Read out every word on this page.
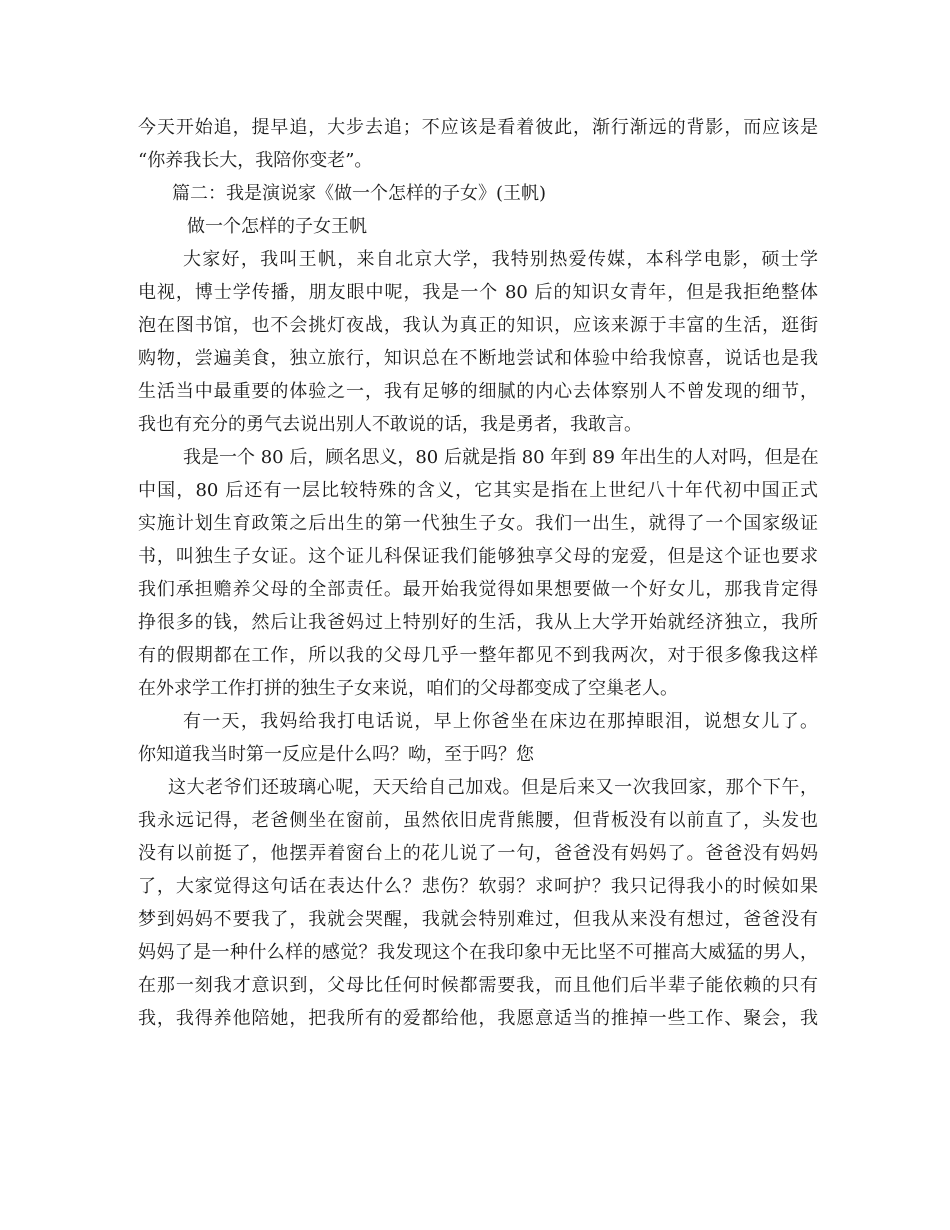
今天开始追，提早追，大步去追；不应该是看着彼此，渐行渐远的背影，而应该是
“你养我长大，我陪你变老”。
篇二：我是演说家《做一个怎样的子女》(王帆)
做一个怎样的子女王帆
大家好，我叫王帆，来自北京大学，我特别热爱传媒，本科学电影，硕士学
电视，博士学传播，朋友眼中呢，我是一个 80 后的知识女青年，但是我拒绝整体
泡在图书馆，也不会挑灯夜战，我认为真正的知识，应该来源于丰富的生活，逛街
购物，尝遍美食，独立旅行，知识总在不断地尝试和体验中给我惊喜，说话也是我
生活当中最重要的体验之一，我有足够的细腻的内心去体察别人不曾发现的细节，
我也有充分的勇气去说出别人不敢说的话，我是勇者，我敢言。
我是一个 80 后，顾名思义，80 后就是指 80 年到 89 年出生的人对吗，但是在
中国，80 后还有一层比较特殊的含义，它其实是指在上世纪八十年代初中国正式
实施计划生育政策之后出生的第一代独生子女。我们一出生，就得了一个国家级证
书，叫独生子女证。这个证儿科保证我们能够独享父母的宠爱，但是这个证也要求
我们承担赡养父母的全部责任。最开始我觉得如果想要做一个好女儿，那我肯定得
挣很多的钱，然后让我爸妈过上特别好的生活，我从上大学开始就经济独立，我所
有的假期都在工作，所以我的父母几乎一整年都见不到我两次，对于很多像我这样
在外求学工作打拼的独生子女来说，咱们的父母都变成了空巢老人。
有一天，我妈给我打电话说，早上你爸坐在床边在那掉眼泪，说想女儿了。
你知道我当时第一反应是什么吗？呦，至于吗？您
这大老爷们还玻璃心呢，天天给自己加戏。但是后来又一次我回家，那个下午，
我永远记得，老爸侧坐在窗前，虽然依旧虎背熊腰，但背板没有以前直了，头发也
没有以前挺了，他摆弄着窗台上的花儿说了一句，爸爸没有妈妈了。爸爸没有妈妈
了，大家觉得这句话在表达什么？悲伤？软弱？求呵护？我只记得我小的时候如果
梦到妈妈不要我了，我就会哭醒，我就会特别难过，但我从来没有想过，爸爸没有
妈妈了是一种什么样的感觉？我发现这个在我印象中无比坚不可摧高大威猛的男人，
在那一刻我才意识到，父母比任何时候都需要我，而且他们后半辈子能依赖的只有
我，我得养他陪她，把我所有的爱都给他，我愿意适当的推掉一些工作、聚会，我
